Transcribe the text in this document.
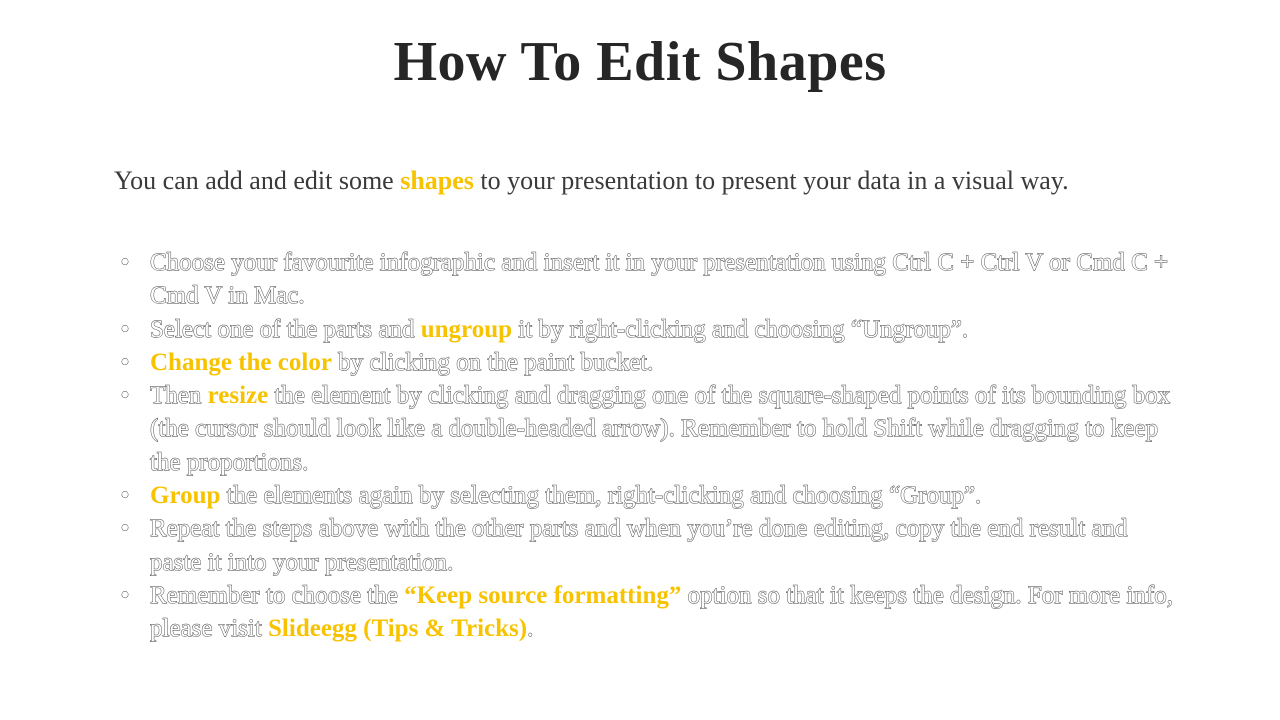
How To Edit Shapes

You can add and edit some shapes to your presentation to present your data in a visual way.

• Choose your favourite infographic and insert it in your presentation using Ctrl C + Ctrl V or Cmd C + Cmd V in Mac.
• Select one of the parts and ungroup it by right-clicking and choosing “Ungroup”.
• Change the color by clicking on the paint bucket.
• Then resize the element by clicking and dragging one of the square-shaped points of its bounding box (the cursor should look like a double-headed arrow). Remember to hold Shift while dragging to keep the proportions.
• Group the elements again by selecting them, right-clicking and choosing “Group”.
• Repeat the steps above with the other parts and when you’re done editing, copy the end result and paste it into your presentation.
• Remember to choose the “Keep source formatting” option so that it keeps the design. For more info, please visit Slideegg (Tips & Tricks).
